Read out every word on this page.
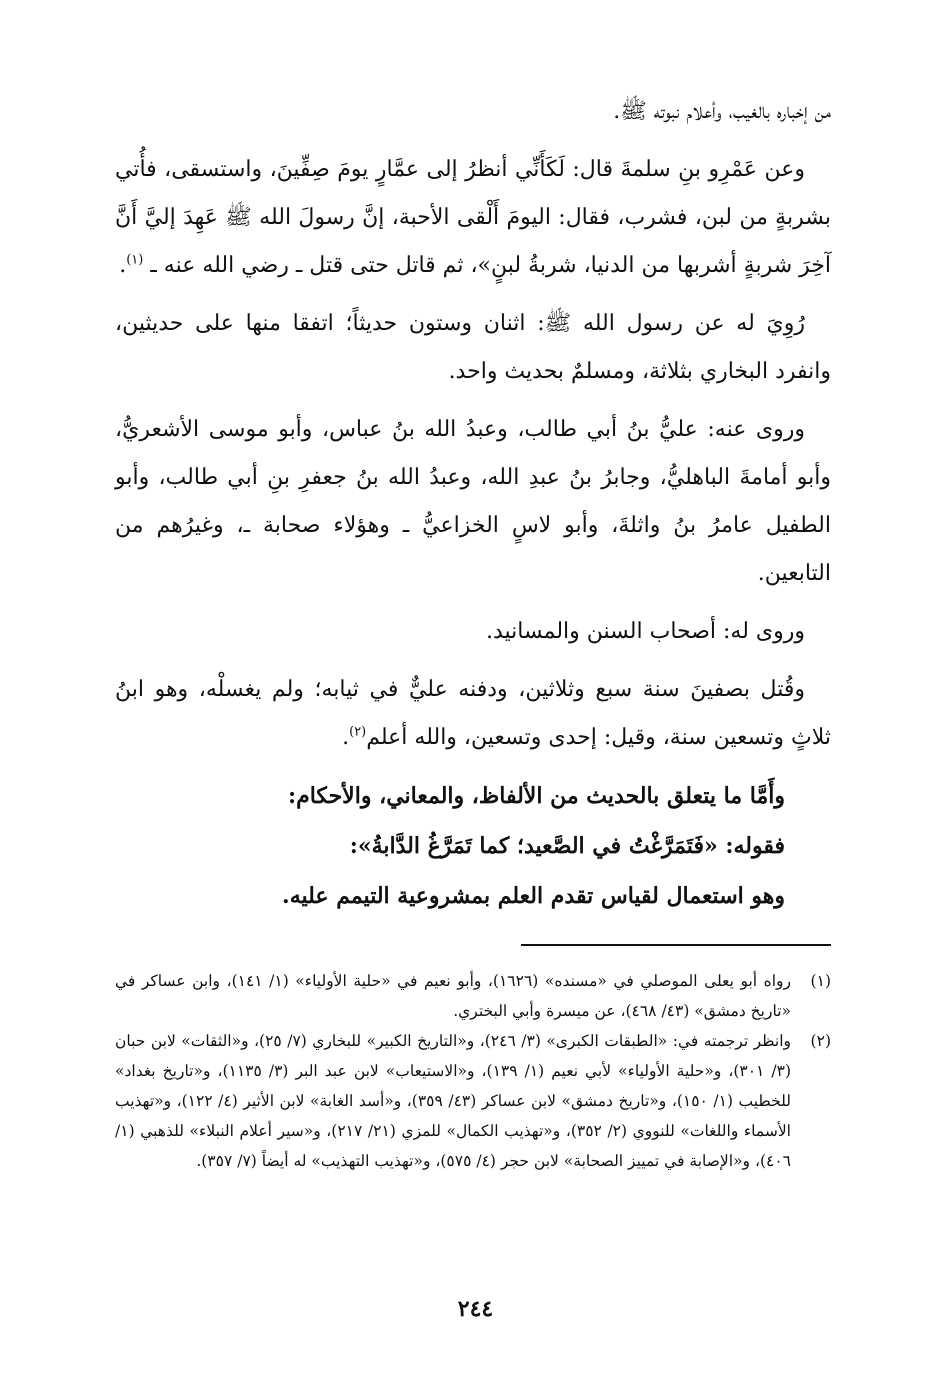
من إخباره بالغيب، وأعلام نبوته ﷺ.

وعن عَمْرِو بنِ سلمةَ قال: لَكَأَنِّي أنظرُ إلى عمَّارٍ يومَ صِفِّينَ، واستسقى، فأُتي بشربةٍ من لبن، فشرب، فقال: اليومَ أَلْقى الأحبة، إنَّ رسولَ الله ﷺ عَهِدَ إليَّ أَنَّ آخِرَ شربةٍ أشربها من الدنيا، شربةُ لبنٍ»، ثم قاتل حتى قتل ـ رضي الله عنه ـ $^{(١)}$.

رُوِيَ له عن رسول الله ﷺ: اثنان وستون حديثاً؛ اتفقا منها على حديثين، وانفرد البخاري بثلاثة، ومسلمٌ بحديث واحد.

وروى عنه: عليُّ بنُ أبي طالب، وعبدُ الله بنُ عباس، وأبو موسى الأشعريُّ، وأبو أمامةَ الباهليُّ، وجابرُ بنُ عبدِ الله، وعبدُ الله بنُ جعفرِ بنِ أبي طالب، وأبو الطفيل عامرُ بنُ واثلةَ، وأبو لاسٍ الخزاعيُّ ـ وهؤلاء صحابة ـ، وغيرُهم من التابعين.

وروى له: أصحاب السنن والمسانيد.

وقُتل بصفينَ سنة سبع وثلاثين، ودفنه عليٌّ في ثيابه؛ ولم يغسلْه، وهو ابنُ ثلاثٍ وتسعين سنة، وقيل: إحدى وتسعين، والله أعلم$^{(٢)}$.

وأَمَّا ما يتعلق بالحديث من الألفاظ، والمعاني، والأحكام:

فقوله: «فَتَمَرَّغْتُ في الصَّعيد؛ كما تَمَرَّغُ الدَّابةُ»:

وهو استعمال لقياس تقدم العلم بمشروعية التيمم عليه.

(١)
رواه أبو يعلى الموصلي في «مسنده» (١٦٢٦)، وأبو نعيم في «حلية الأولياء» (١/ ١٤١)، وابن عساكر في «تاريخ دمشق» (٤٣/ ٤٦٨)، عن ميسرة وأبي البختري.
(٢)
وانظر ترجمته في: «الطبقات الكبرى» (٣/ ٢٤٦)، و«التاريخ الكبير» للبخاري (٧/ ٢٥)، و«الثقات» لابن حبان (٣/ ٣٠١)، و«حلية الأولياء» لأبي نعيم (١/ ١٣٩)، و«الاستيعاب» لابن عبد البر (٣/ ١١٣٥)، و«تاريخ بغداد» للخطيب (١/ ١٥٠)، و«تاريخ دمشق» لابن عساكر (٤٣/ ٣٥٩)، و«أسد الغابة» لابن الأثير (٤/ ١٢٢)، و«تهذيب الأسماء واللغات» للنووي (٢/ ٣٥٢)، و«تهذيب الكمال» للمزي (٢١/ ٢١٧)، و«سير أعلام النبلاء» للذهبي (١/ ٤٠٦)، و«الإصابة في تمييز الصحابة» لابن حجر (٤/ ٥٧٥)، و«تهذيب التهذيب» له أيضاً (٧/ ٣٥٧).
٢٤٤
